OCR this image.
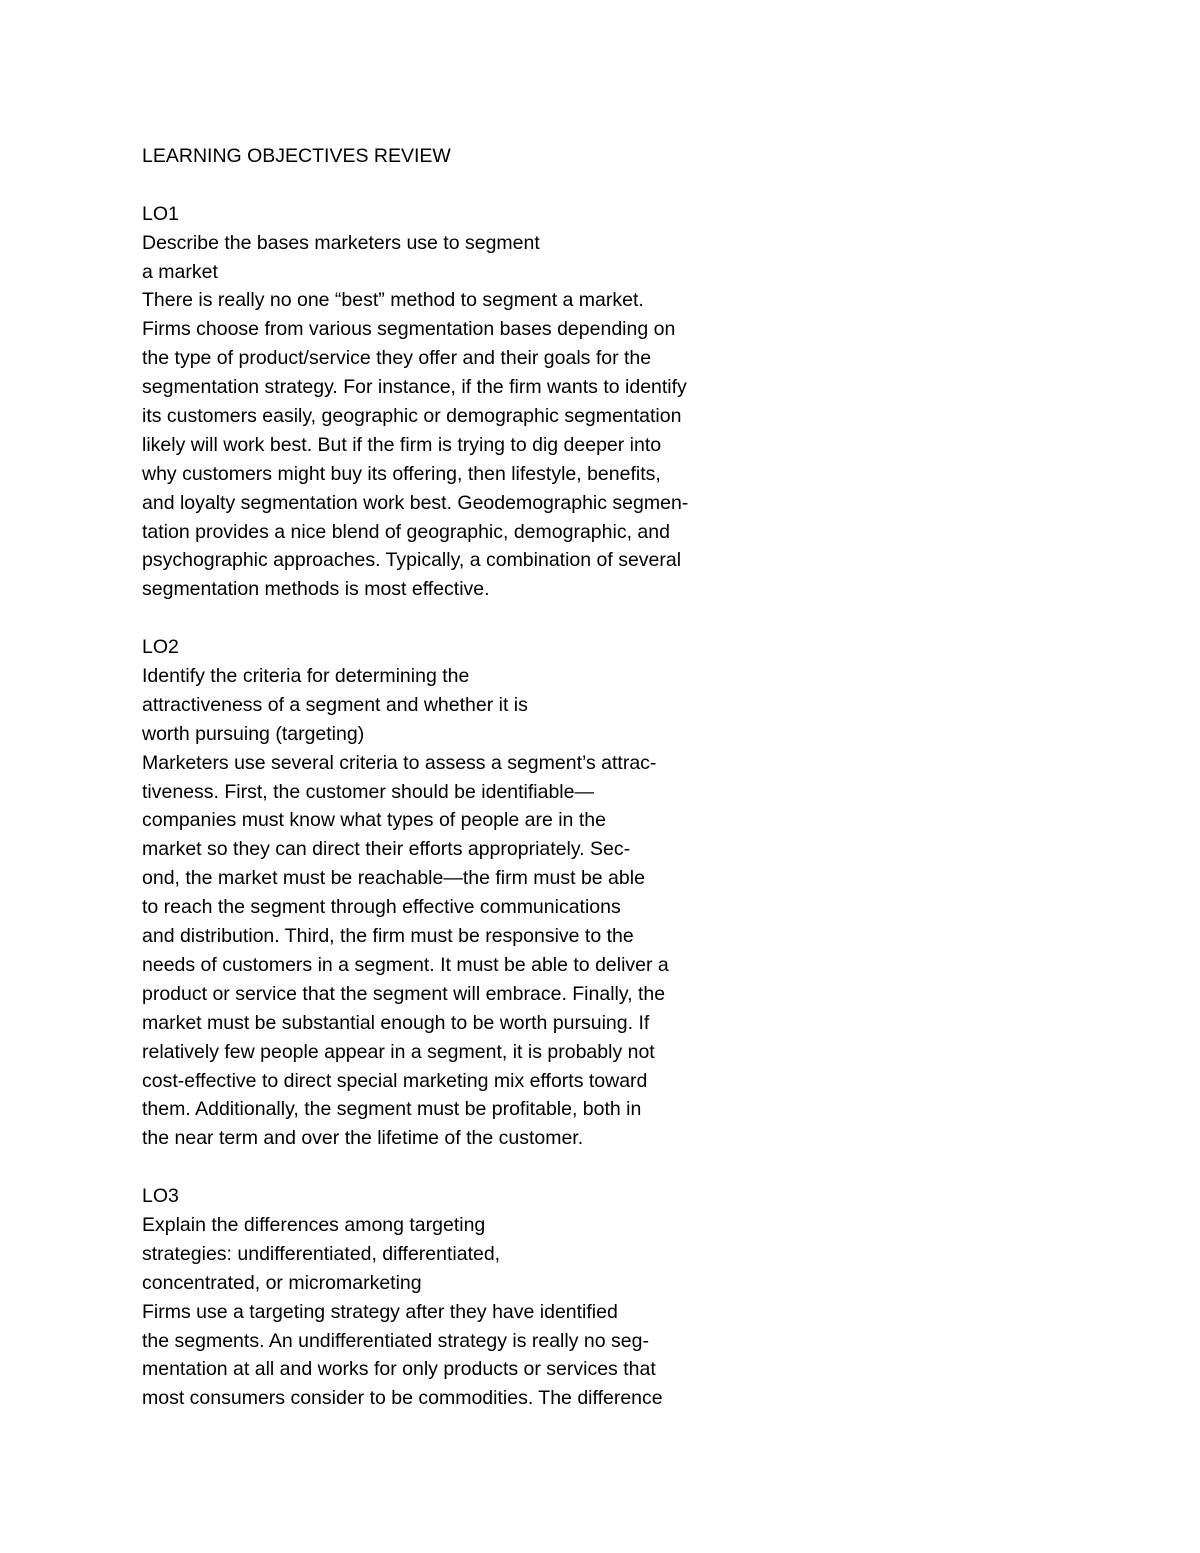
LEARNING OBJECTIVES REVIEW
LO1
Describe the bases marketers use to segment
a market
There is really no one “best” method to segment a market.
Firms choose from various segmentation bases depending on
the type of product/service they offer and their goals for the
segmentation strategy. For instance, if the firm wants to identify
its customers easily, geographic or demographic segmentation
likely will work best. But if the firm is trying to dig deeper into
why customers might buy its offering, then lifestyle, benefits,
and loyalty segmentation work best. Geodemographic segmen-
tation provides a nice blend of geographic, demographic, and
psychographic approaches. Typically, a combination of several
segmentation methods is most effective.
LO2
Identify the criteria for determining the
attractiveness of a segment and whether it is
worth pursuing (targeting)
Marketers use several criteria to assess a segment’s attrac-
tiveness. First, the customer should be identifiable—
companies must know what types of people are in the
market so they can direct their efforts appropriately. Sec-
ond, the market must be reachable—the firm must be able
to reach the segment through effective communications
and distribution. Third, the firm must be responsive to the
needs of customers in a segment. It must be able to deliver a
product or service that the segment will embrace. Finally, the
market must be substantial enough to be worth pursuing. If
relatively few people appear in a segment, it is probably not
cost-effective to direct special marketing mix efforts toward
them. Additionally, the segment must be profitable, both in
the near term and over the lifetime of the customer.
LO3
Explain the differences among targeting
strategies: undifferentiated, differentiated,
concentrated, or micromarketing
Firms use a targeting strategy after they have identified
the segments. An undifferentiated strategy is really no seg-
mentation at all and works for only products or services that
most consumers consider to be commodities. The difference
